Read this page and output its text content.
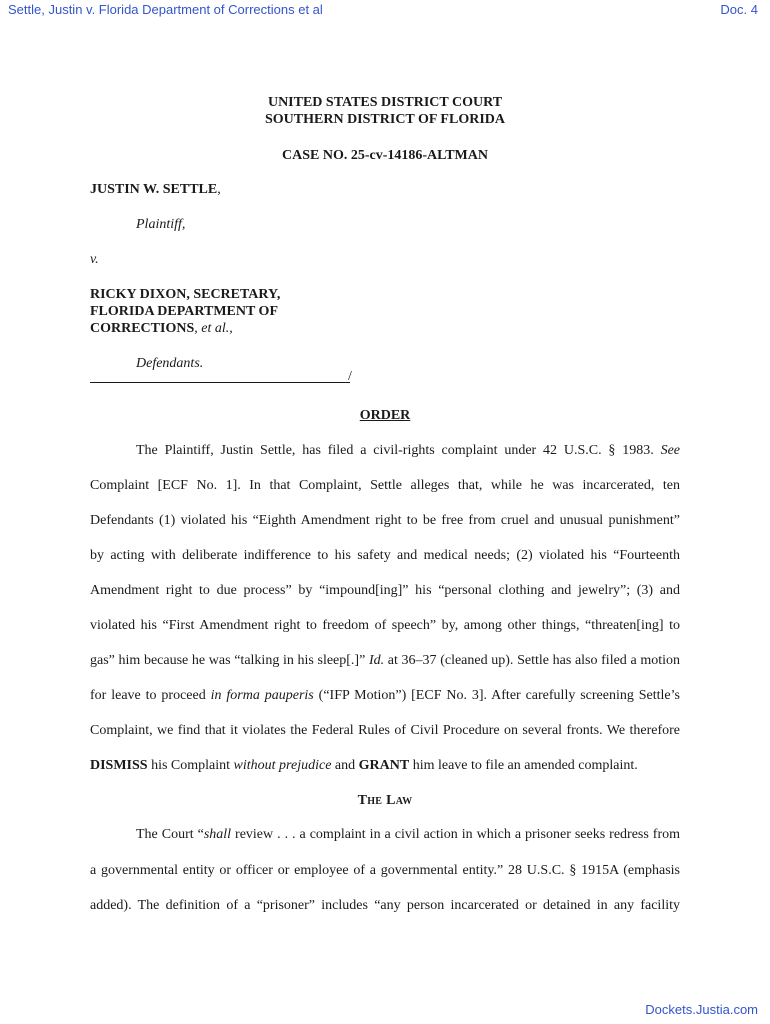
Settle, Justin v. Florida Department of Corrections et al	Doc. 4
UNITED STATES DISTRICT COURT
SOUTHERN DISTRICT OF FLORIDA
CASE NO. 25-cv-14186-ALTMAN
JUSTIN W. SETTLE,
Plaintiff,
v.
RICKY DIXON, SECRETARY,
FLORIDA DEPARTMENT OF
CORRECTIONS, et al.,
Defendants.
/
ORDER
The Plaintiff, Justin Settle, has filed a civil-rights complaint under 42 U.S.C. § 1983. See
Complaint [ECF No. 1]. In that Complaint, Settle alleges that, while he was incarcerated, ten
Defendants (1) violated his “Eighth Amendment right to be free from cruel and unusual punishment”
by acting with deliberate indifference to his safety and medical needs; (2) violated his “Fourteenth
Amendment right to due process” by “impound[ing]” his “personal clothing and jewelry”; (3) and
violated his “First Amendment right to freedom of speech” by, among other things, “threaten[ing] to
gas” him because he was “talking in his sleep[.]” Id. at 36–37 (cleaned up). Settle has also filed a motion
for leave to proceed in forma pauperis (“IFP Motion”) [ECF No. 3]. After carefully screening Settle’s
Complaint, we find that it violates the Federal Rules of Civil Procedure on several fronts. We therefore
DISMISS his Complaint without prejudice and GRANT him leave to file an amended complaint.
The Law
The Court “shall review . . . a complaint in a civil action in which a prisoner seeks redress from
a governmental entity or officer or employee of a governmental entity.” 28 U.S.C. § 1915A (emphasis
added). The definition of a “prisoner” includes “any person incarcerated or detained in any facility
Dockets.Justia.com
